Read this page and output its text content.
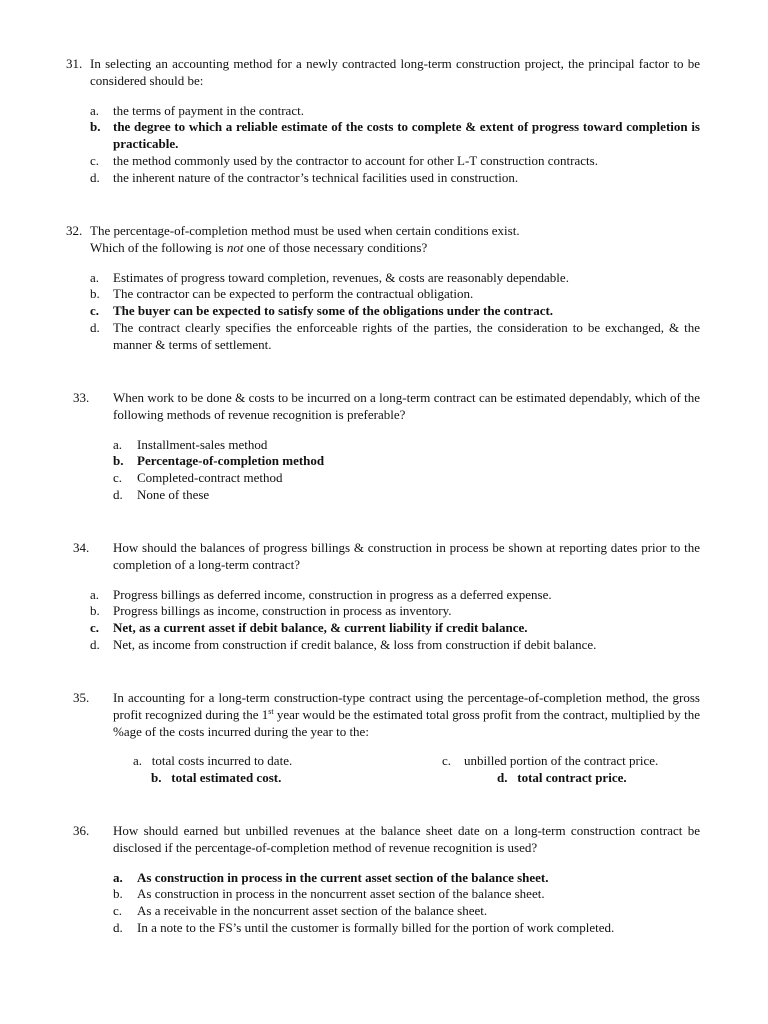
31. In selecting an accounting method for a newly contracted long-term construction project, the principal factor to be considered should be:
a. the terms of payment in the contract.
b. the degree to which a reliable estimate of the costs to complete & extent of progress toward completion is practicable.
c. the method commonly used by the contractor to account for other L-T construction contracts.
d. the inherent nature of the contractor’s technical facilities used in construction.
32. The percentage-of-completion method must be used when certain conditions exist.
Which of the following is not one of those necessary conditions?
a. Estimates of progress toward completion, revenues, & costs are reasonably dependable.
b. The contractor can be expected to perform the contractual obligation.
c. The buyer can be expected to satisfy some of the obligations under the contract.
d. The contract clearly specifies the enforceable rights of the parties, the consideration to be exchanged, & the manner & terms of settlement.
33. When work to be done & costs to be incurred on a long-term contract can be estimated dependably, which of the following methods of revenue recognition is preferable?
a. Installment-sales method
b. Percentage-of-completion method
c. Completed-contract method
d. None of these
34. How should the balances of progress billings & construction in process be shown at reporting dates prior to the completion of a long-term contract?
a. Progress billings as deferred income, construction in progress as a deferred expense.
b. Progress billings as income, construction in process as inventory.
c. Net, as a current asset if debit balance, & current liability if credit balance.
d. Net, as income from construction if credit balance, & loss from construction if debit balance.
35. In accounting for a long-term construction-type contract using the percentage-of-completion method, the gross profit recognized during the 1st year would be the estimated total gross profit from the contract, multiplied by the %age of the costs incurred during the year to the:
a. total costs incurred to date.
b. total estimated cost.
c. unbilled portion of the contract price.
d. total contract price.
36. How should earned but unbilled revenues at the balance sheet date on a long-term construction contract be disclosed if the percentage-of-completion method of revenue recognition is used?
a. As construction in process in the current asset section of the balance sheet.
b. As construction in process in the noncurrent asset section of the balance sheet.
c. As a receivable in the noncurrent asset section of the balance sheet.
d. In a note to the FS’s until the customer is formally billed for the portion of work completed.
